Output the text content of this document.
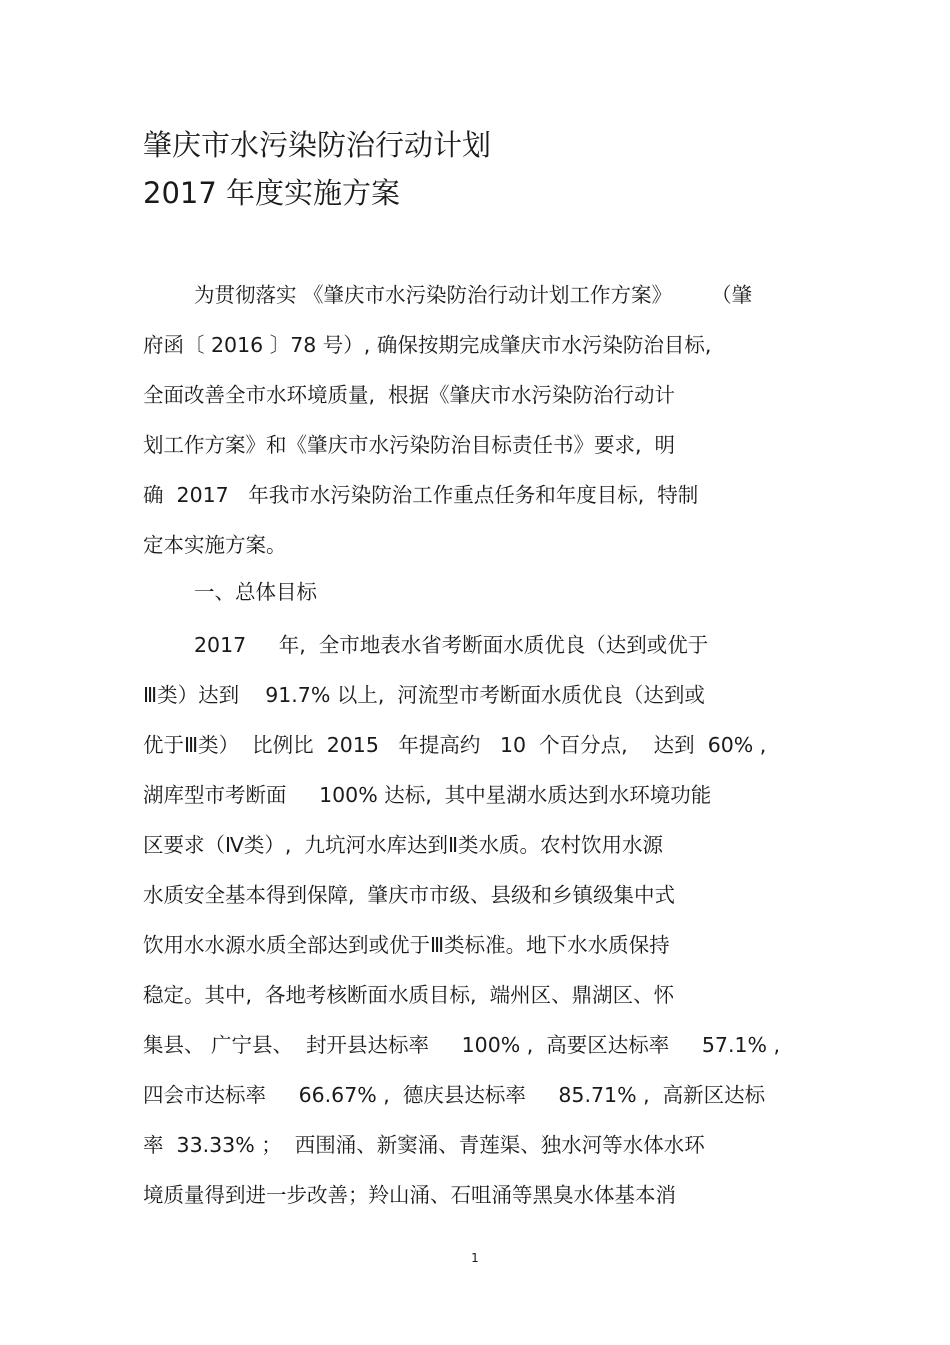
肇庆市水污染防治行动计划
2017 年度实施方案
为贯彻落实 《肇庆市水污染防治行动计划工作方案》      （肇
府函〔 2016 〕78 号）, 确保按期完成肇庆市水污染防治目标,
全面改善全市水环境质量,  根据《肇庆市水污染防治行动计
划工作方案》和《肇庆市水污染防治目标责任书》要求,  明
确  2017   年我市水污染防治工作重点任务和年度目标,  特制
定本实施方案。
一、总体目标
2017     年,  全市地表水省考断面水质优良（达到或优于
Ⅲ类）达到    91.7% 以上,  河流型市考断面水质优良（达到或
优于Ⅲ类）  比例比  2015   年提高约   10  个百分点,    达到  60% ,
湖库型市考断面     100% 达标,  其中星湖水质达到水环境功能
区要求（Ⅳ类）,  九坑河水库达到Ⅱ类水质。农村饮用水源
水质安全基本得到保障,  肇庆市市级、县级和乡镇级集中式
饮用水水源水质全部达到或优于Ⅲ类标准。地下水水质保持
稳定。其中,  各地考核断面水质目标,  端州区、鼎湖区、怀
集县、 广宁县、  封开县达标率     100% ,  高要区达标率     57.1% ,
四会市达标率     66.67% ,  德庆县达标率     85.71% ,  高新区达标
率  33.33% ；  西围涌、新窦涌、青莲渠、独水河等水体水环
境质量得到进一步改善；羚山涌、石咀涌等黑臭水体基本消
1
